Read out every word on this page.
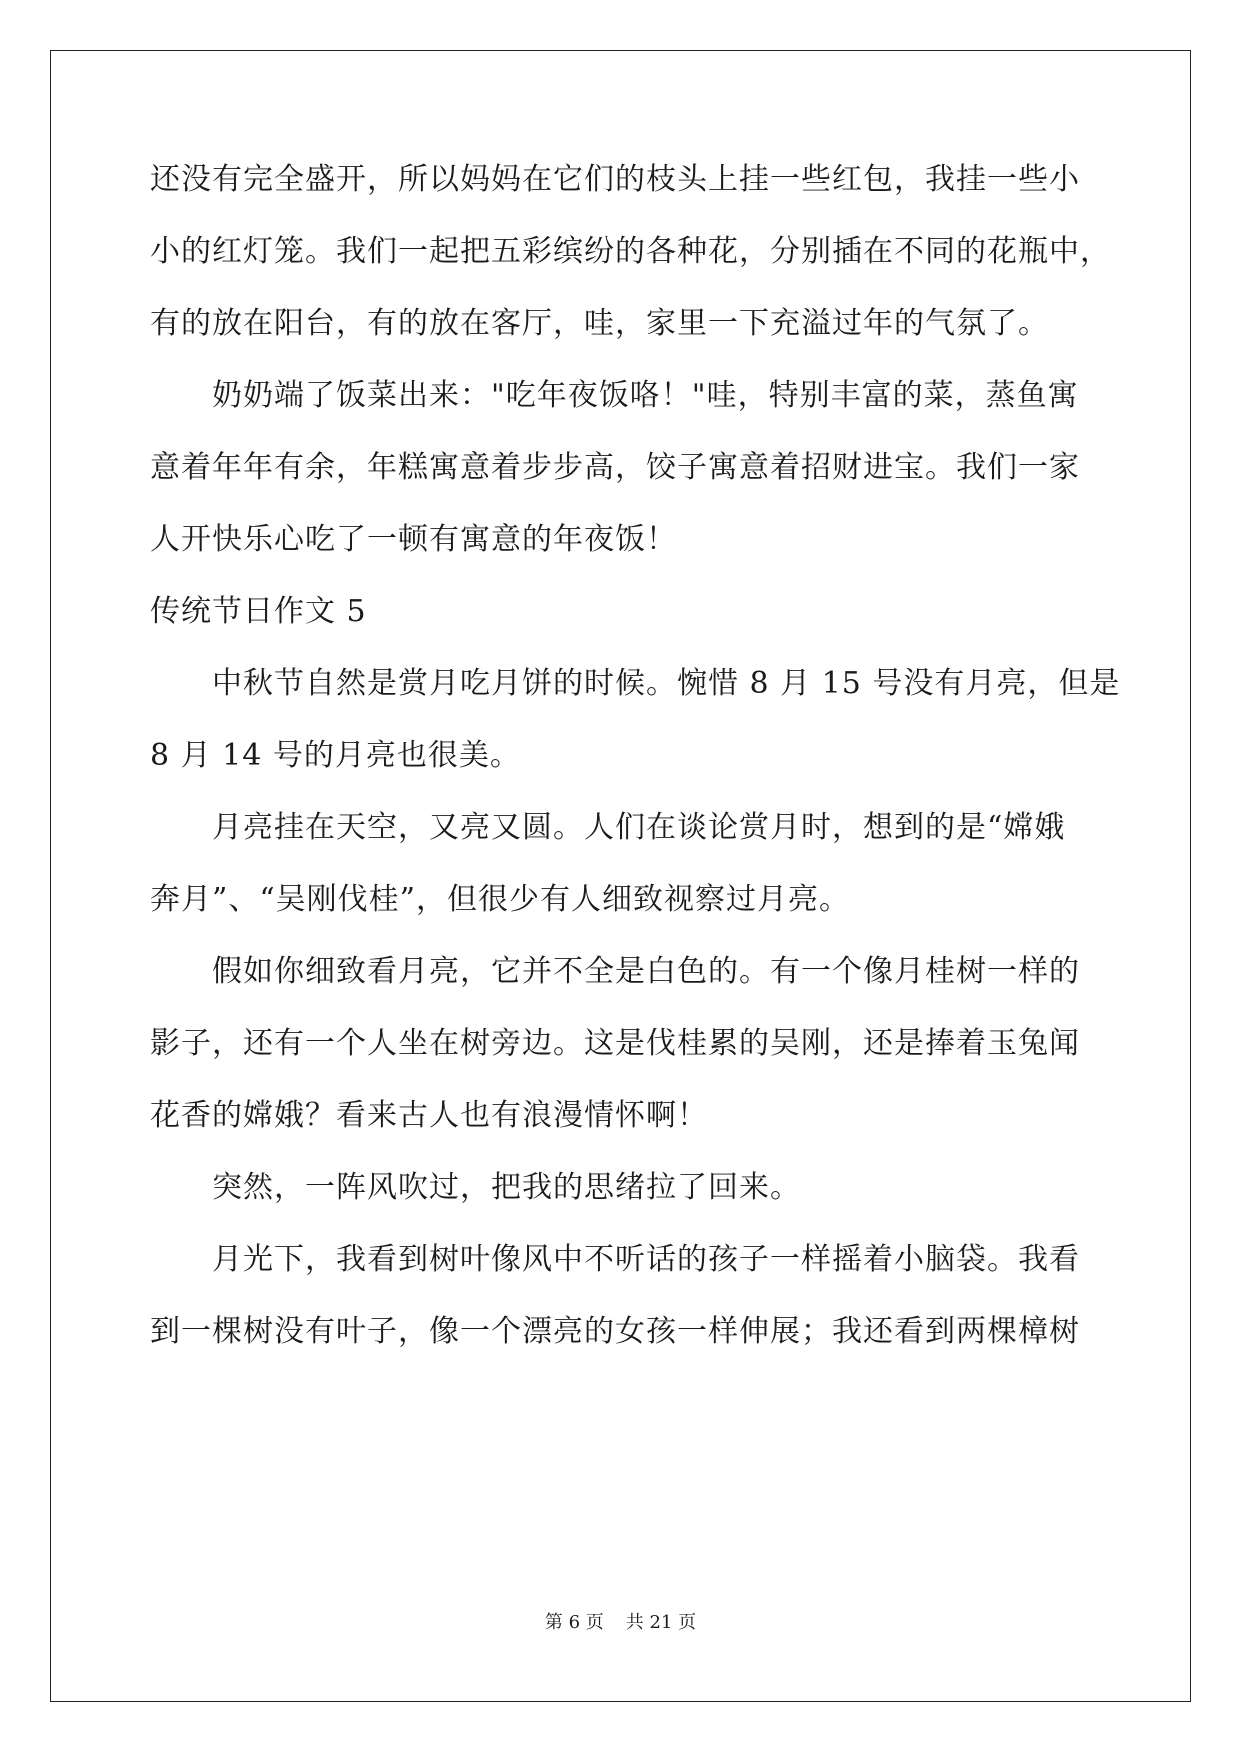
还没有完全盛开，所以妈妈在它们的枝头上挂一些红包，我挂一些小
小的红灯笼。我们一起把五彩缤纷的各种花，分别插在不同的花瓶中，
有的放在阳台，有的放在客厅，哇，家里一下充溢过年的气氛了。
　　奶奶端了饭菜出来："吃年夜饭咯！"哇，特别丰富的菜，蒸鱼寓
意着年年有余，年糕寓意着步步高，饺子寓意着招财进宝。我们一家
人开快乐心吃了一顿有寓意的年夜饭！
传统节日作文 5
　　中秋节自然是赏月吃月饼的时候。惋惜 8 月 15 号没有月亮，但是
8 月 14 号的月亮也很美。
　　月亮挂在天空，又亮又圆。人们在谈论赏月时，想到的是“嫦娥
奔月”、“吴刚伐桂”，但很少有人细致视察过月亮。
　　假如你细致看月亮，它并不全是白色的。有一个像月桂树一样的
影子，还有一个人坐在树旁边。这是伐桂累的吴刚，还是捧着玉兔闻
花香的嫦娥？看来古人也有浪漫情怀啊！
　　突然，一阵风吹过，把我的思绪拉了回来。
　　月光下，我看到树叶像风中不听话的孩子一样摇着小脑袋。我看
到一棵树没有叶子，像一个漂亮的女孩一样伸展；我还看到两棵樟树
第 6 页 共 21 页
